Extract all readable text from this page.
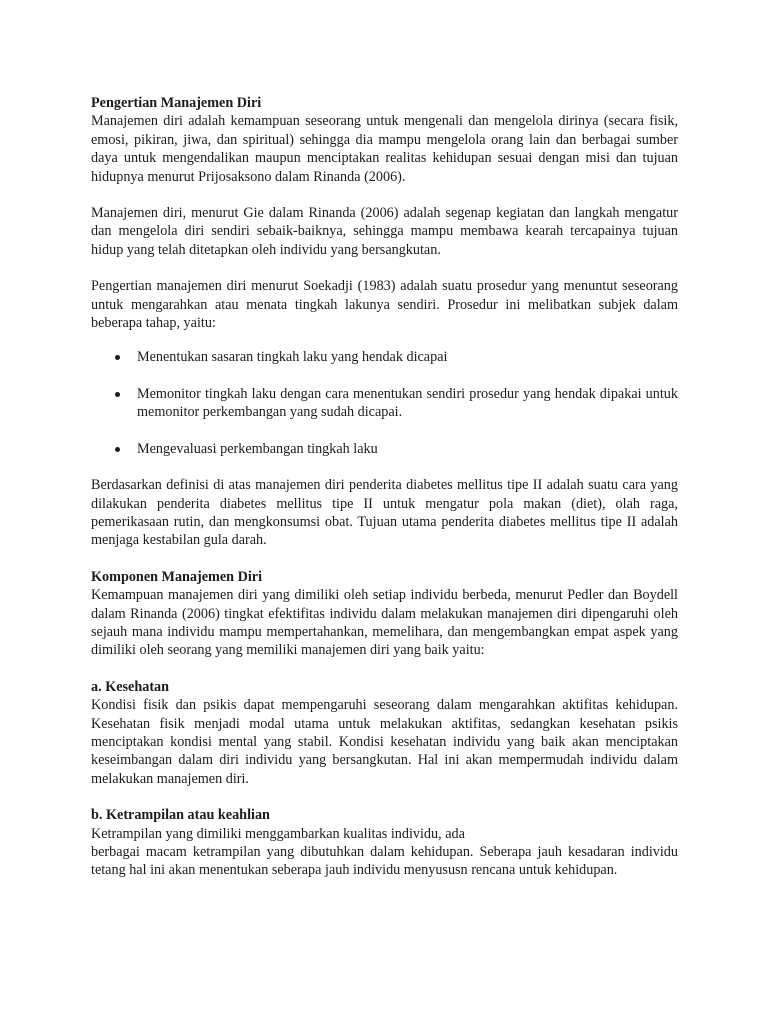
Pengertian Manajemen Diri

Manajemen diri adalah kemampuan seseorang untuk mengenali dan mengelola dirinya (secara fisik, emosi, pikiran, jiwa, dan spiritual) sehingga dia mampu mengelola orang lain dan berbagai sumber daya untuk mengendalikan maupun menciptakan realitas kehidupan sesuai dengan misi dan tujuan hidupnya menurut Prijosaksono dalam Rinanda (2006).

Manajemen diri, menurut Gie dalam Rinanda (2006) adalah segenap kegiatan dan langkah mengatur dan mengelola diri sendiri sebaik-baiknya, sehingga mampu membawa kearah tercapainya tujuan hidup yang telah ditetapkan oleh individu yang bersangkutan.

Pengertian manajemen diri menurut Soekadji (1983) adalah suatu prosedur yang menuntut seseorang untuk mengarahkan atau menata tingkah lakunya sendiri. Prosedur ini melibatkan subjek dalam beberapa tahap, yaitu:

Menentukan sasaran tingkah laku yang hendak dicapai
Memonitor tingkah laku dengan cara menentukan sendiri prosedur yang hendak dipakai untuk memonitor perkembangan yang sudah dicapai.
Mengevaluasi perkembangan tingkah laku

Berdasarkan definisi di atas manajemen diri penderita diabetes mellitus tipe II adalah suatu cara yang dilakukan penderita diabetes mellitus tipe II untuk mengatur pola makan (diet), olah raga, pemerikasaan rutin, dan mengkonsumsi obat. Tujuan utama penderita diabetes mellitus tipe II adalah menjaga kestabilan gula darah.

Komponen Manajemen Diri

Kemampuan manajemen diri yang dimiliki oleh setiap individu berbeda, menurut Pedler dan Boydell dalam Rinanda (2006) tingkat efektifitas individu dalam melakukan manajemen diri dipengaruhi oleh sejauh mana individu mampu mempertahankan, memelihara, dan mengembangkan empat aspek yang dimiliki oleh seorang yang memiliki manajemen diri yang baik yaitu:

a. Kesehatan

Kondisi fisik dan psikis dapat mempengaruhi seseorang dalam mengarahkan aktifitas kehidupan. Kesehatan fisik menjadi modal utama untuk melakukan aktifitas, sedangkan kesehatan psikis menciptakan kondisi mental yang stabil. Kondisi kesehatan individu yang baik akan menciptakan keseimbangan dalam diri individu yang bersangkutan. Hal ini akan mempermudah individu dalam melakukan manajemen diri.

b. Ketrampilan atau keahlian

Ketrampilan yang dimiliki menggambarkan kualitas individu, ada

berbagai macam ketrampilan yang dibutuhkan dalam kehidupan. Seberapa jauh kesadaran individu tetang hal ini akan menentukan seberapa jauh individu menyususn rencana untuk kehidupan.
